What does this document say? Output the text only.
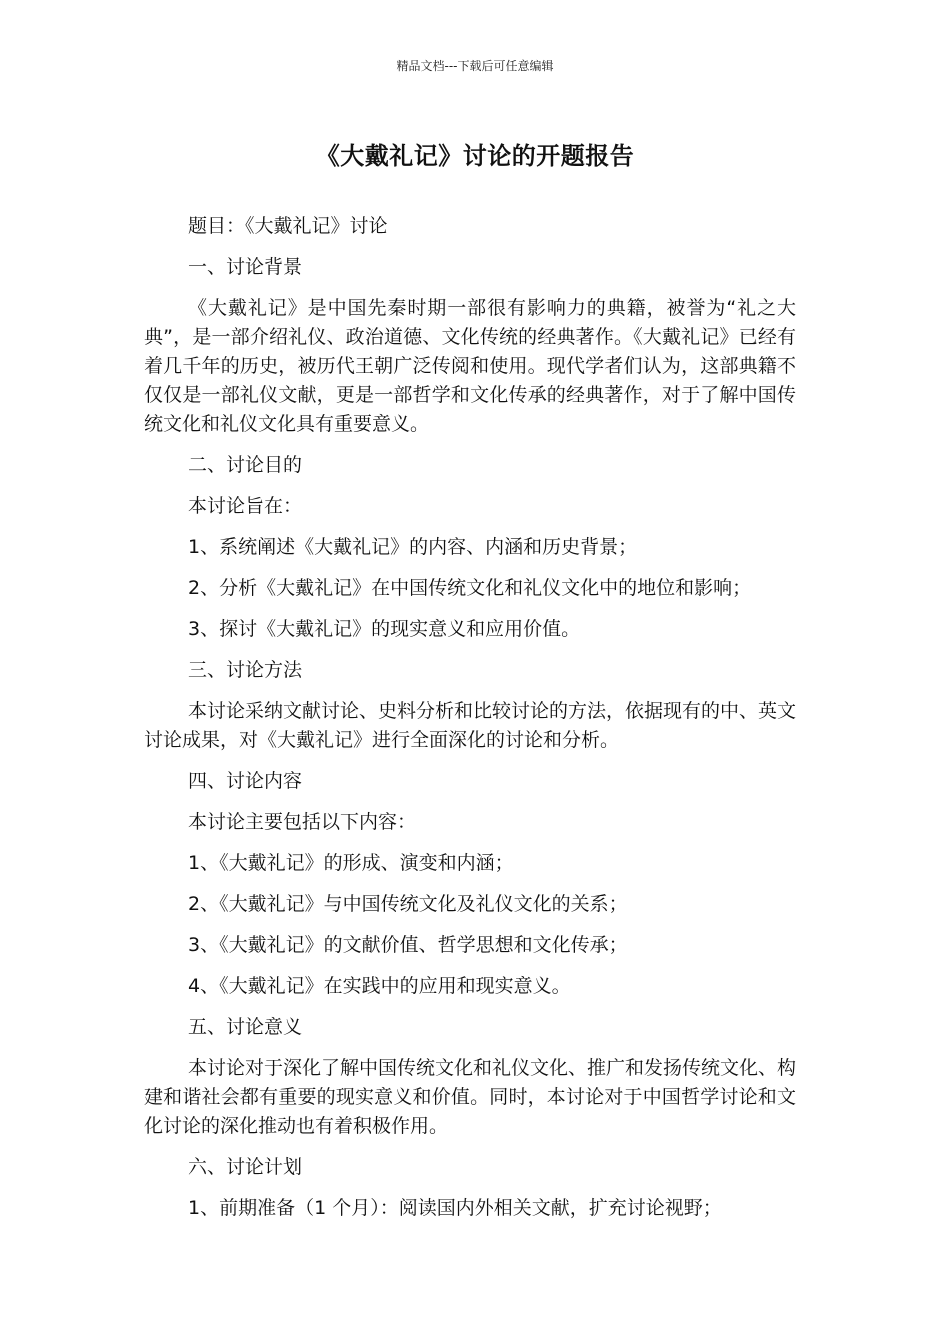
精品文档---下载后可任意编辑
《大戴礼记》讨论的开题报告

题目：《大戴礼记》讨论

一、讨论背景

《大戴礼记》是中国先秦时期一部很有影响力的典籍，被誉为“礼之大典”，是一部介绍礼仪、政治道德、文化传统的经典著作。《大戴礼记》已经有着几千年的历史，被历代王朝广泛传阅和使用。现代学者们认为，这部典籍不仅仅是一部礼仪文献，更是一部哲学和文化传承的经典著作，对于了解中国传统文化和礼仪文化具有重要意义。

二、讨论目的

本讨论旨在：

1、系统阐述《大戴礼记》的内容、内涵和历史背景；

2、分析《大戴礼记》在中国传统文化和礼仪文化中的地位和影响；

3、探讨《大戴礼记》的现实意义和应用价值。

三、讨论方法

本讨论采纳文献讨论、史料分析和比较讨论的方法，依据现有的中、英文讨论成果，对《大戴礼记》进行全面深化的讨论和分析。

四、讨论内容

本讨论主要包括以下内容：

1、《大戴礼记》的形成、演变和内涵；

2、《大戴礼记》与中国传统文化及礼仪文化的关系；

3、《大戴礼记》的文献价值、哲学思想和文化传承；

4、《大戴礼记》在实践中的应用和现实意义。

五、讨论意义

本讨论对于深化了解中国传统文化和礼仪文化、推广和发扬传统文化、构建和谐社会都有重要的现实意义和价值。同时，本讨论对于中国哲学讨论和文化讨论的深化推动也有着积极作用。

六、讨论计划

1、前期准备（1 个月）：阅读国内外相关文献，扩充讨论视野；
